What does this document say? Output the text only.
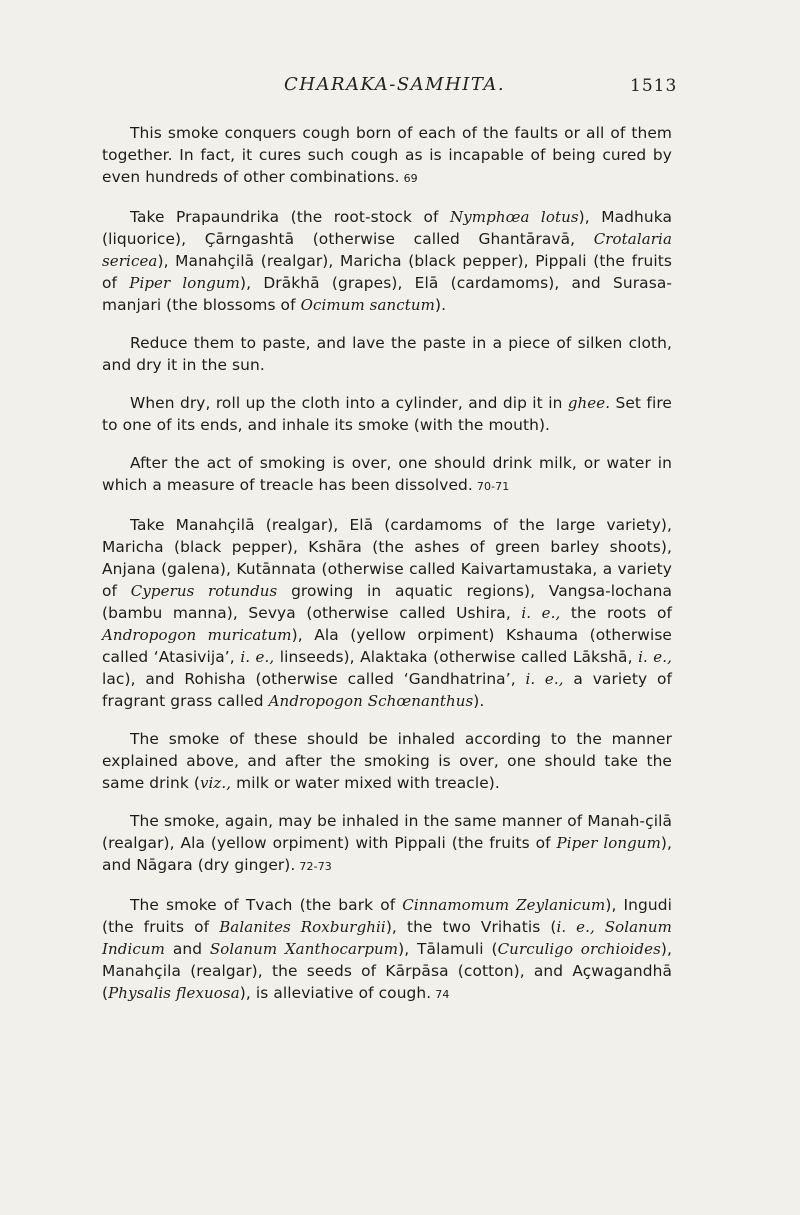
CHARAKA-SAMHITA.	1513

This smoke conquers cough born of each of the faults or all of them together. In fact, it cures such cough as is incapable of being cured by even hundreds of other combinations. 69

Take Prapaundrika (the root-stock of Nymphœa lotus), Madhuka (liquorice), Çārngashtā (otherwise called Ghantāravā, Crotalaria sericea), Manahçilā (realgar), Maricha (black pepper), Pippali (the fruits of Piper longum), Drākhā (grapes), Elā (cardamoms), and Surasa-manjari (the blossoms of Ocimum sanctum).

Reduce them to paste, and lave the paste in a piece of silken cloth, and dry it in the sun.

When dry, roll up the cloth into a cylinder, and dip it in ghee. Set fire to one of its ends, and inhale its smoke (with the mouth).

After the act of smoking is over, one should drink milk, or water in which a measure of treacle has been dissolved. 70-71

Take Manahçilā (realgar), Elā (cardamoms of the large variety), Maricha (black pepper), Kshāra (the ashes of green barley shoots), Anjana (galena), Kutānnata (otherwise called Kaivartamustaka, a variety of Cyperus rotundus growing in aquatic regions), Vangsa-lochana (bambu manna), Sevya (otherwise called Ushira, i. e., the roots of Andropogon muricatum), Ala (yellow orpiment) Kshauma (otherwise called ‘Atasivija’, i. e., linseeds), Alaktaka (otherwise called Lākshā, i. e., lac), and Rohisha (otherwise called ‘Gandhatrina’, i. e., a variety of fragrant grass called Andropogon Schœnanthus).

The smoke of these should be inhaled according to the manner explained above, and after the smoking is over, one should take the same drink (viz., milk or water mixed with treacle).

The smoke, again, may be inhaled in the same manner of Manah-çilā (realgar), Ala (yellow orpiment) with Pippali (the fruits of Piper longum), and Nāgara (dry ginger). 72-73

The smoke of Tvach (the bark of Cinnamomum Zeylanicum), Ingudi (the fruits of Balanites Roxburghii), the two Vrihatis (i. e., Solanum Indicum and Solanum Xanthocarpum), Tālamuli (Curculigo orchioides), Manahçila (realgar), the seeds of Kārpāsa (cotton), and Açwagandhā (Physalis flexuosa), is alleviative of cough. 74
